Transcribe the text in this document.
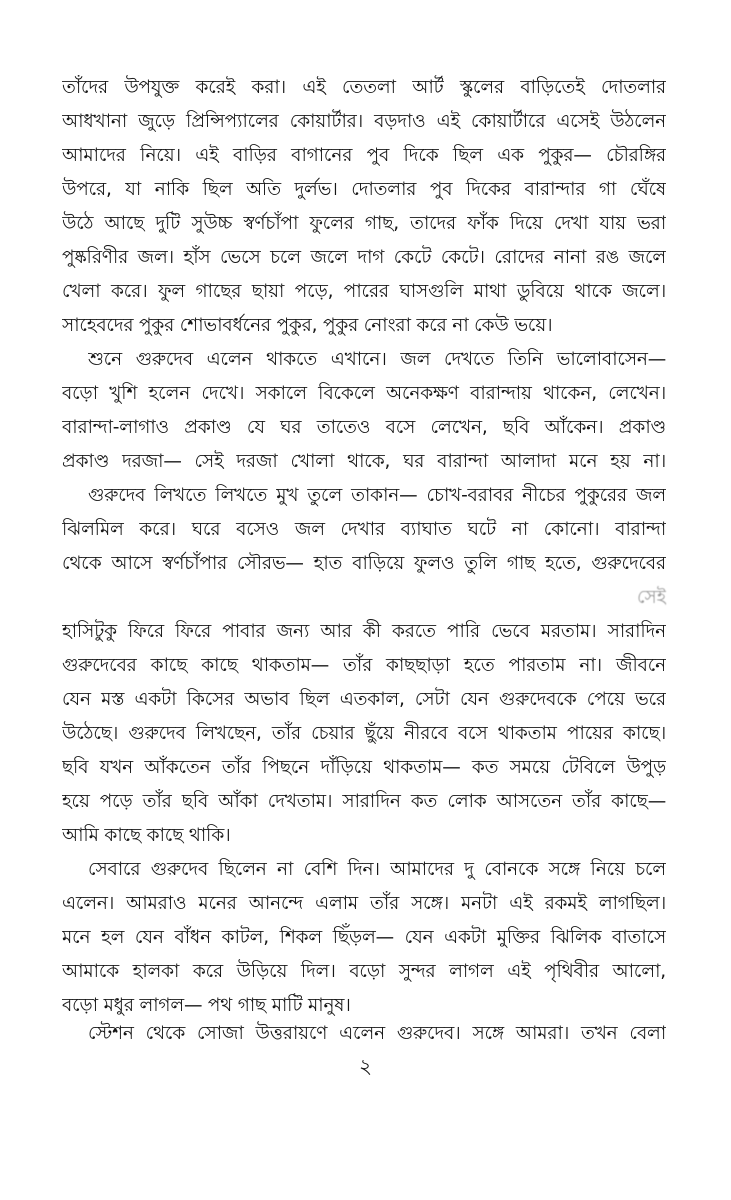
তাঁদের উপযুক্ত করেই করা। এই তেতলা আর্ট স্কুলের বাড়িতেই দোতলার
আধখানা জুড়ে প্রিন্সিপ্যালের কোয়ার্টার। বড়দাও এই কোয়ার্টারে এসেই উঠলেন
আমাদের নিয়ে। এই বাড়ির বাগানের পুব দিকে ছিল এক পুকুর— চৌরঙ্গির
উপরে, যা নাকি ছিল অতি দুর্লভ। দোতলার পুব দিকের বারান্দার গা ঘেঁষে
উঠে আছে দুটি সুউচ্চ স্বর্ণচাঁপা ফুলের গাছ, তাদের ফাঁক দিয়ে দেখা যায় ভরা
পুষ্করিণীর জল। হাঁস ভেসে চলে জলে দাগ কেটে কেটে। রোদের নানা রঙ জলে
খেলা করে। ফুল গাছের ছায়া পড়ে, পারের ঘাসগুলি মাথা ডুবিয়ে থাকে জলে।
সাহেবদের পুকুর শোভাবর্ধনের পুকুর, পুকুর নোংরা করে না কেউ ভয়ে।
শুনে গুরুদেব এলেন থাকতে এখানে। জল দেখতে তিনি ভালোবাসেন—
বড়ো খুশি হলেন দেখে। সকালে বিকেলে অনেকক্ষণ বারান্দায় থাকেন, লেখেন।
বারান্দা-লাগাও প্রকাণ্ড যে ঘর তাতেও বসে লেখেন, ছবি আঁকেন। প্রকাণ্ড
প্রকাণ্ড দরজা— সেই দরজা খোলা থাকে, ঘর বারান্দা আলাদা মনে হয় না।
গুরুদেব লিখতে লিখতে মুখ তুলে তাকান— চোখ-বরাবর নীচের পুকুরের জল
ঝিলমিল করে। ঘরে বসেও জল দেখার ব্যাঘাত ঘটে না কোনো। বারান্দা
থেকে আসে স্বর্ণচাঁপার সৌরভ— হাত বাড়িয়ে ফুলও তুলি গাছ হতে, গুরুদেবের
সেই
হাসিটুকু ফিরে ফিরে পাবার জন্য আর কী করতে পারি ভেবে মরতাম। সারাদিন
গুরুদেবের কাছে কাছে থাকতাম— তাঁর কাছছাড়া হতে পারতাম না। জীবনে
যেন মস্ত একটা কিসের অভাব ছিল এতকাল, সেটা যেন গুরুদেবকে পেয়ে ভরে
উঠেছে। গুরুদেব লিখছেন, তাঁর চেয়ার ছুঁয়ে নীরবে বসে থাকতাম পায়ের কাছে।
ছবি যখন আঁকতেন তাঁর পিছনে দাঁড়িয়ে থাকতাম— কত সময়ে টেবিলে উপুড়
হয়ে পড়ে তাঁর ছবি আঁকা দেখতাম। সারাদিন কত লোক আসতেন তাঁর কাছে—
আমি কাছে কাছে থাকি।
সেবারে গুরুদেব ছিলেন না বেশি দিন। আমাদের দু বোনকে সঙ্গে নিয়ে চলে
এলেন। আমরাও মনের আনন্দে এলাম তাঁর সঙ্গে। মনটা এই রকমই লাগছিল।
মনে হল যেন বাঁধন কাটল, শিকল ছিঁড়ল— যেন একটা মুক্তির ঝিলিক বাতাসে
আমাকে হালকা করে উড়িয়ে দিল। বড়ো সুন্দর লাগল এই পৃথিবীর আলো,
বড়ো মধুর লাগল— পথ গাছ মাটি মানুষ।
স্টেশন থেকে সোজা উত্তরায়ণে এলেন গুরুদেব। সঙ্গে আমরা। তখন বেলা
২
